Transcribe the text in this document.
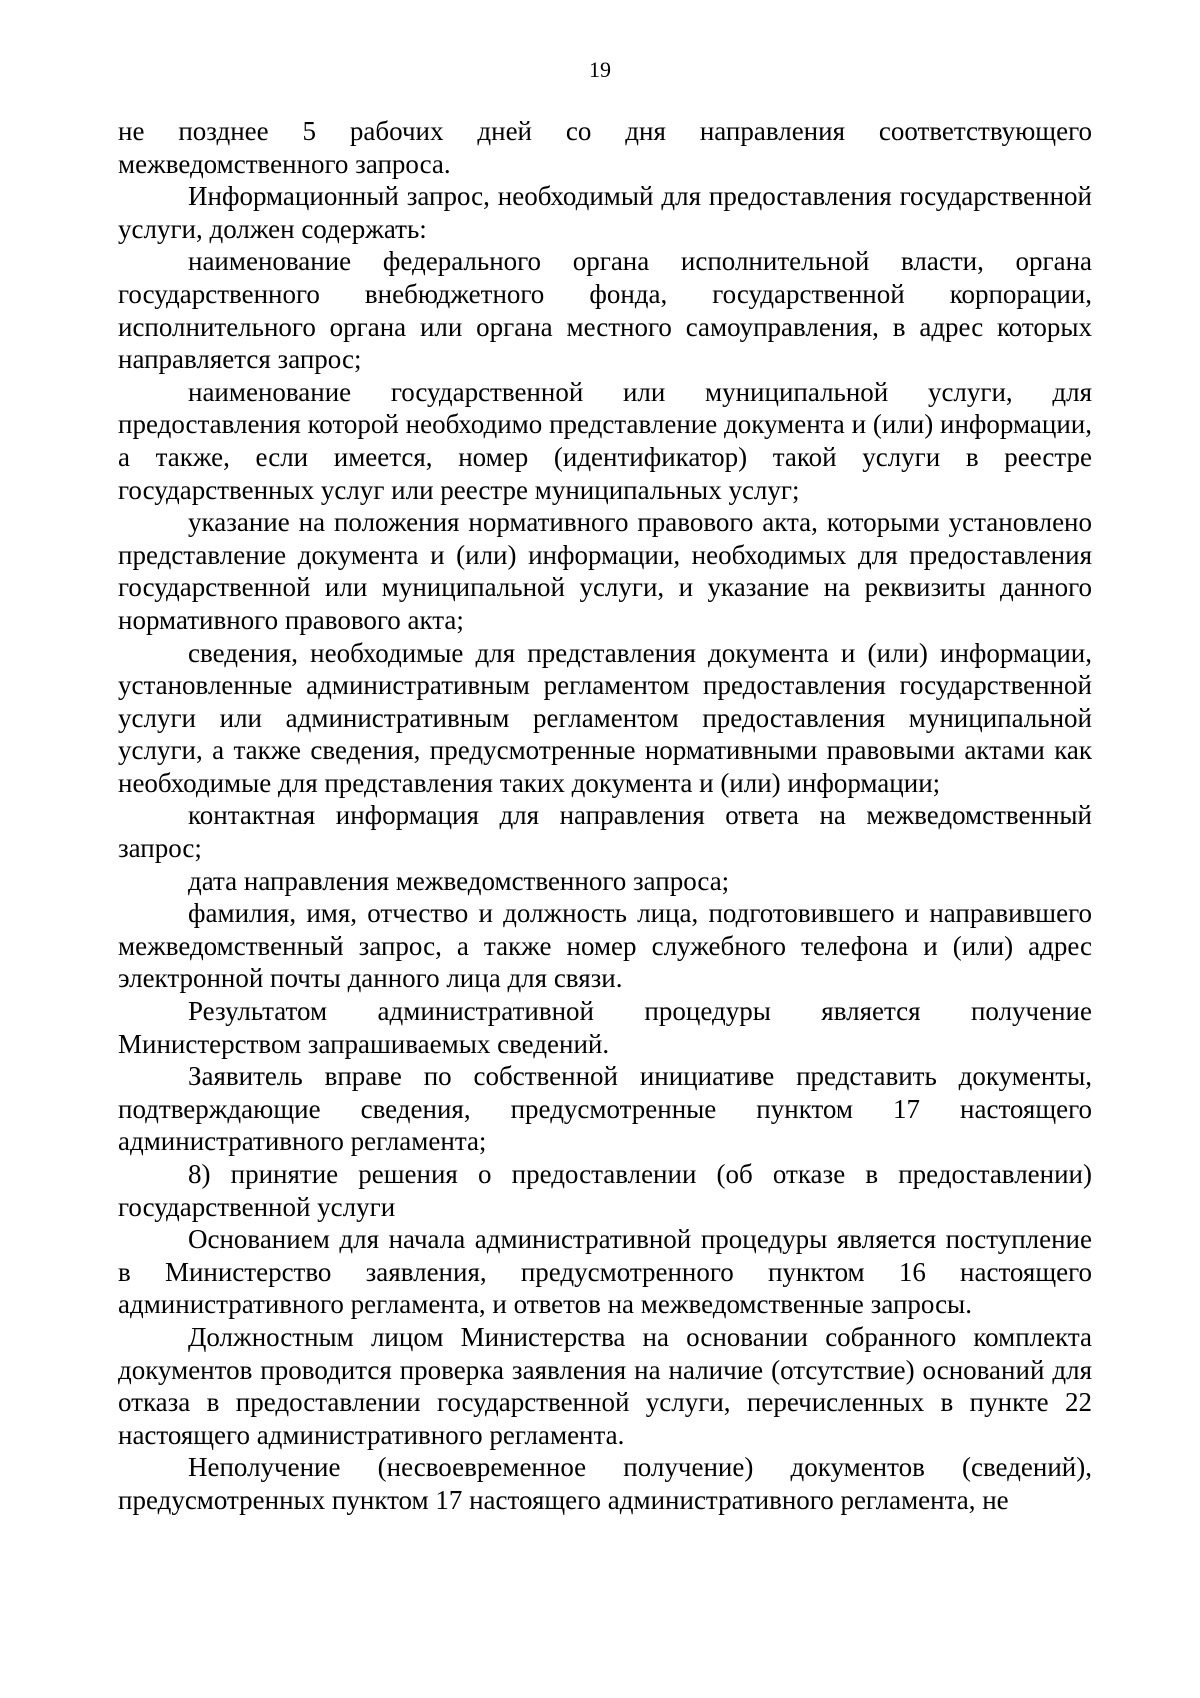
19

не позднее 5 рабочих дней со дня направления соответствующего межведомственного запроса.

Информационный запрос, необходимый для предоставления государственной услуги, должен содержать:

наименование федерального органа исполнительной власти, органа государственного внебюджетного фонда, государственной корпорации, исполнительного органа или органа местного самоуправления, в адрес которых направляется запрос;

наименование государственной или муниципальной услуги, для предоставления которой необходимо представление документа и (или) информации, а также, если имеется, номер (идентификатор) такой услуги в реестре государственных услуг или реестре муниципальных услуг;

указание на положения нормативного правового акта, которыми установлено представление документа и (или) информации, необходимых для предоставления государственной или муниципальной услуги, и указание на реквизиты данного нормативного правового акта;

сведения, необходимые для представления документа и (или) информации, установленные административным регламентом предоставления государственной услуги или административным регламентом предоставления муниципальной услуги, а также сведения, предусмотренные нормативными правовыми актами как необходимые для представления таких документа и (или) информации;

контактная информация для направления ответа на межведомственный запрос;

дата направления межведомственного запроса;

фамилия, имя, отчество и должность лица, подготовившего и направившего межведомственный запрос, а также номер служебного телефона и (или) адрес электронной почты данного лица для связи.

Результатом административной процедуры является получение Министерством запрашиваемых сведений.

Заявитель вправе по собственной инициативе представить документы, подтверждающие сведения, предусмотренные пунктом 17 настоящего административного регламента;

8) принятие решения о предоставлении (об отказе в предоставлении) государственной услуги

Основанием для начала административной процедуры является поступление в Министерство заявления, предусмотренного пунктом 16 настоящего административного регламента, и ответов на межведомственные запросы.

Должностным лицом Министерства на основании собранного комплекта документов проводится проверка заявления на наличие (отсутствие) оснований для отказа в предоставлении государственной услуги, перечисленных в пункте 22 настоящего административного регламента.

Неполучение (несвоевременное получение) документов (сведений), предусмотренных пунктом 17 настоящего административного регламента, не
